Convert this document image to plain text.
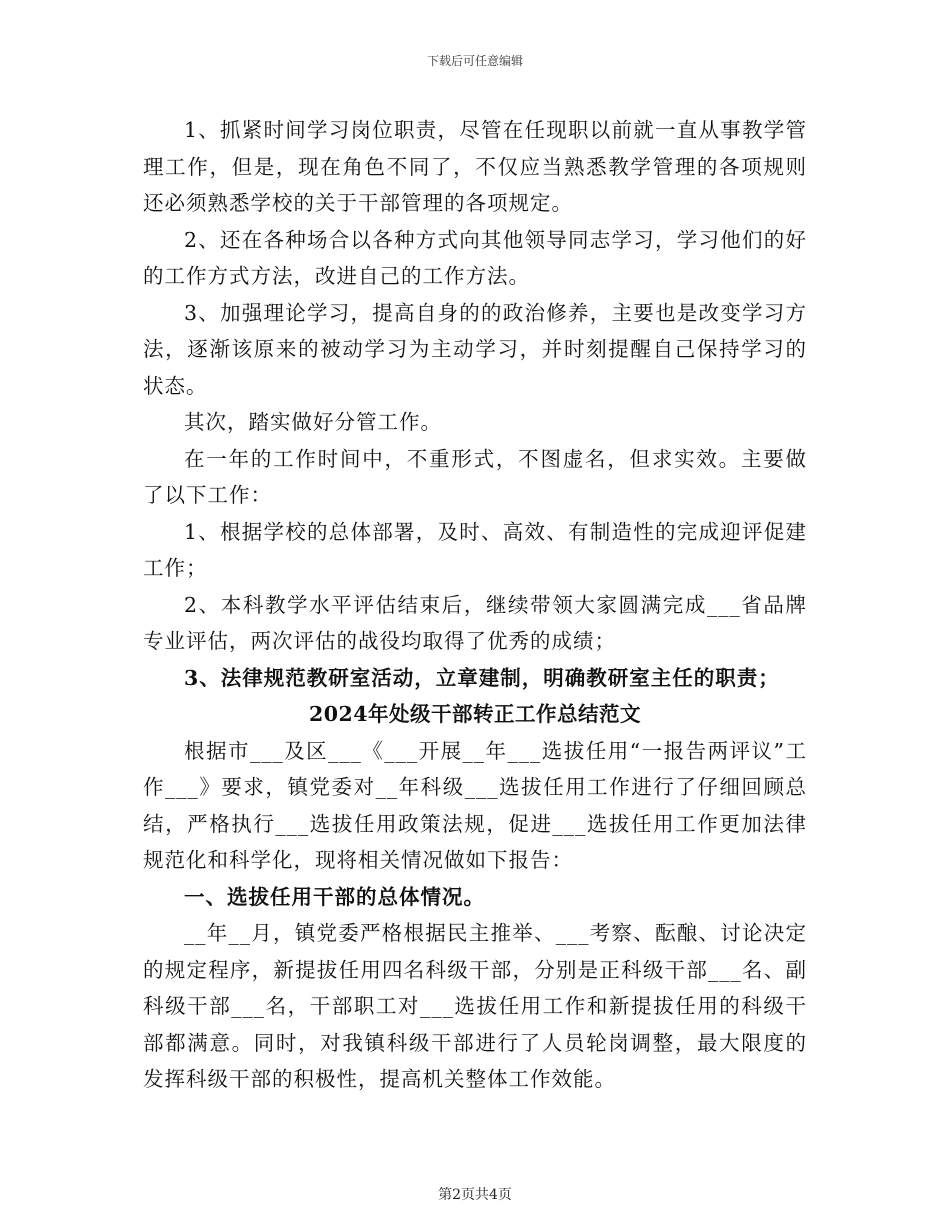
下载后可任意编辑

1、抓紧时间学习岗位职责，尽管在任现职以前就一直从事教学管理工作，但是，现在角色不同了，不仅应当熟悉教学管理的各项规则还必须熟悉学校的关于干部管理的各项规定。

2、还在各种场合以各种方式向其他领导同志学习，学习他们的好的工作方式方法，改进自己的工作方法。

3、加强理论学习，提高自身的的政治修养，主要也是改变学习方法，逐渐该原来的被动学习为主动学习，并时刻提醒自己保持学习的状态。

其次，踏实做好分管工作。

在一年的工作时间中，不重形式，不图虚名，但求实效。主要做了以下工作：

1、根据学校的总体部署，及时、高效、有制造性的完成迎评促建工作；

2、本科教学水平评估结束后，继续带领大家圆满完成___省品牌专业评估，两次评估的战役均取得了优秀的成绩；

3、法律规范教研室活动，立章建制，明确教研室主任的职责；

2024年处级干部转正工作总结范文

根据市___及区___《___开展__年___选拔任用“一报告两评议”工作___》要求，镇党委对__年科级___选拔任用工作进行了仔细回顾总结，严格执行___选拔任用政策法规，促进___选拔任用工作更加法律规范化和科学化，现将相关情况做如下报告：

一、选拔任用干部的总体情况。

__年__月，镇党委严格根据民主推举、___考察、酝酿、讨论决定的规定程序，新提拔任用四名科级干部，分别是正科级干部___名、副科级干部___名，干部职工对___选拔任用工作和新提拔任用的科级干部都满意。同时，对我镇科级干部进行了人员轮岗调整，最大限度的发挥科级干部的积极性，提高机关整体工作效能。

第2页共4页
